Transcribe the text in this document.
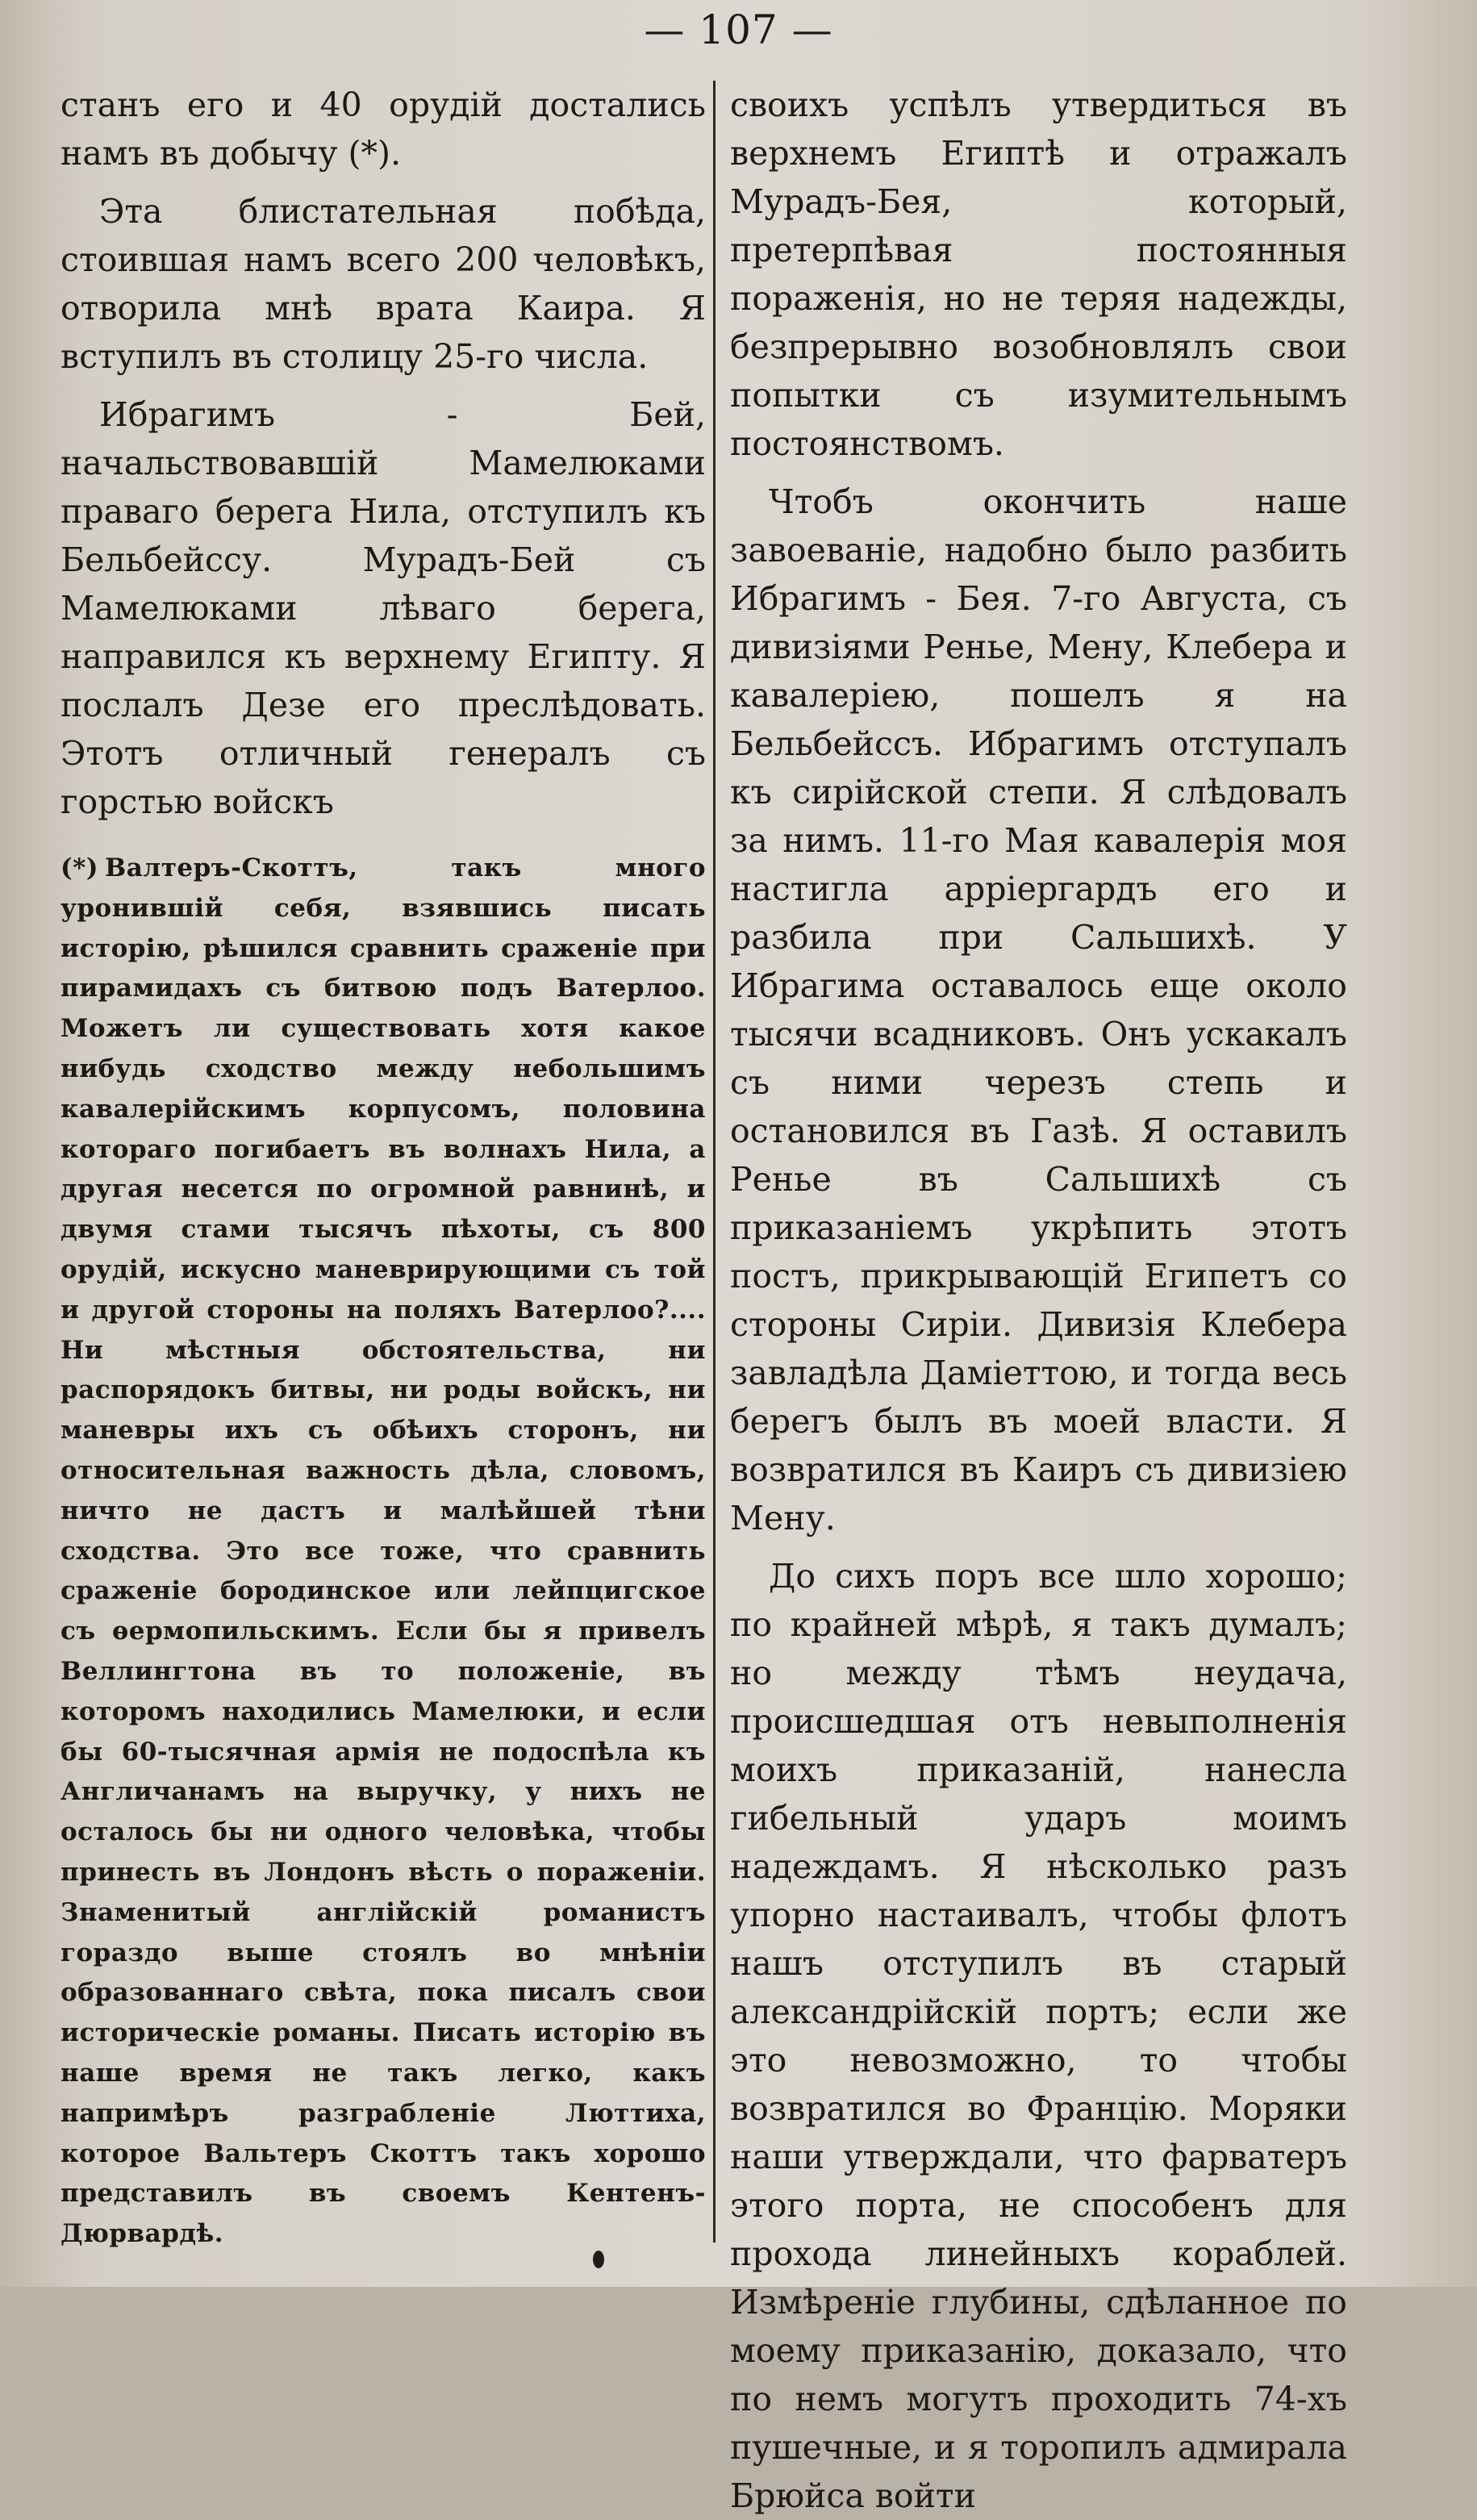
— 107 —

станъ его и 40 орудій достались намъ въ добычу (*).

Эта блистательная побѣда, стоившая намъ всего 200 человѣкъ, отворила мнѣ врата Каира. Я вступилъ въ столицу 25-го числа.

Ибрагимъ - Бей, начальствовавшій Мамелюками праваго берега Нила, отступилъ къ Бельбейссу. Мурадъ-Бей съ Мамелюками лѣваго берега, направился къ верхнему Египту. Я послалъ Дезе его преслѣдовать. Этотъ отличный генералъ съ горстью войскъ

(*) Валтеръ-Скоттъ, такъ много уронившій себя, взявшись писать исторію, рѣшился сравнить сраженіе при пирамидахъ съ битвою подъ Ватерлоо. Можетъ ли существовать хотя какое нибудь сходство между небольшимъ кавалерійскимъ корпусомъ, половина котораго погибаетъ въ волнахъ Нила, а другая несется по огромной равнинѣ, и двумя стами тысячъ пѣхоты, съ 800 орудій, искусно маневрирующими съ той и другой стороны на поляхъ Ватерлоо?.... Ни мѣстныя обстоятельства, ни распорядокъ битвы, ни роды войскъ, ни маневры ихъ съ обѣихъ сторонъ, ни относительная важность дѣла, словомъ, ничто не дастъ и малѣйшей тѣни сходства. Это все тоже, что сравнить сраженіе бородинское или лейпцигское съ ѳермопильскимъ. Если бы я привелъ Веллингтона въ то положеніе, въ которомъ находились Мамелюки, и если бы 60-тысячная армія не подоспѣла къ Англичанамъ на выручку, у нихъ не осталось бы ни одного человѣка, чтобы принесть въ Лондонъ вѣсть о пораженіи. Знаменитый англійскій романистъ гораздо выше стоялъ во мнѣніи образованнаго свѣта, пока писалъ свои историческіе романы. Писать исторію въ наше время не такъ легко, какъ напримѣръ разграбленіе Люттиха, которое Вальтеръ Скоттъ такъ хорошо представилъ въ своемъ Кентенъ-Дюрвардѣ.

своихъ успѣлъ утвердиться въ верхнемъ Египтѣ и отражалъ Мурадъ-Бея, который, претерпѣвая постоянныя пораженія, но не теряя надежды, безпрерывно возобновлялъ свои попытки съ изумительнымъ постоянствомъ.

Чтобъ окончить наше завоеваніе, надобно было разбить Ибрагимъ - Бея. 7-го Августа, съ дивизіями Ренье, Мену, Клебера и кавалеріею, пошелъ я на Бельбейссъ. Ибрагимъ отступалъ къ сирійской степи. Я слѣдовалъ за нимъ. 11-го Мая кавалерія моя настигла арріергардъ его и разбила при Сальшихѣ. У Ибрагима оставалось еще около тысячи всадниковъ. Онъ ускакалъ съ ними черезъ степь и остановился въ Газѣ. Я оставилъ Ренье въ Сальшихѣ съ приказаніемъ укрѣпить этотъ постъ, прикрывающій Египетъ со стороны Сиріи. Дивизія Клебера завладѣла Даміеттою, и тогда весь берегъ былъ въ моей власти. Я возвратился въ Каиръ съ дивизіею Мену.

До сихъ поръ все шло хорошо; по крайней мѣрѣ, я такъ думалъ; но между тѣмъ неудача, происшедшая отъ невыполненія моихъ приказаній, нанесла гибельный ударъ моимъ надеждамъ. Я нѣсколько разъ упорно настаивалъ, чтобы флотъ нашъ отступилъ въ старый александрійскій портъ; если же это невозможно, то чтобы возвратился во Францію. Моряки наши утверждали, что фарватеръ этого порта, не способенъ для прохода линейныхъ кораблей. Измѣреніе глубины, сдѣланное по моему приказанію, доказало, что по немъ могутъ проходить 74-хъ пушечные, и я торопилъ адмирала Брюйса войти
